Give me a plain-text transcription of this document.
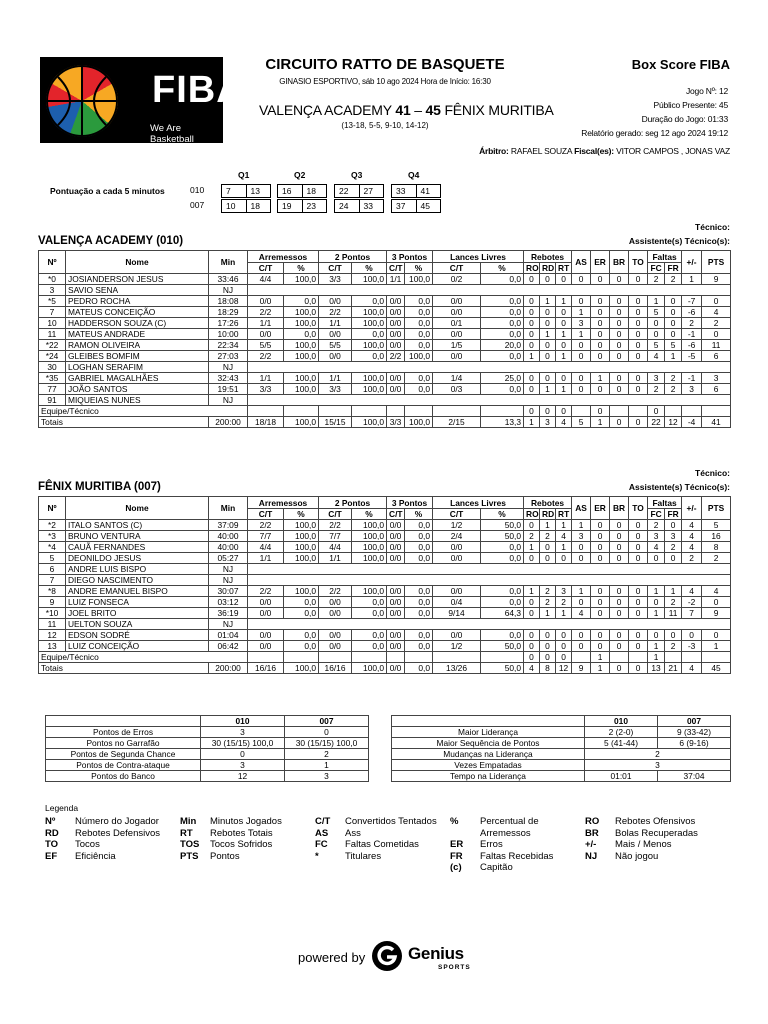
FIBA
We Are Basketball
CIRCUITO RATTO DE BASQUETE
GINASIO ESPORTIVO, sáb 10 ago 2024 Hora de Início: 16:30
VALENÇA ACADEMY 41 – 45 FÊNIX MURITIBA
(13-18, 5-5, 9-10, 14-12)
Box Score FIBA
Jogo Nº: 12
Público Presente: 45
Duração do Jogo: 01:33
Relatório gerado: seg 12 ago 2024 19:12
Árbitro: RAFAEL SOUZA Fiscal(es): VITOR CAMPOS , JONAS VAZ
Pontuação a cada 5 minutos
Q1	Q2	Q3	Q4
010	7	13	16	18	22	27	33	41
007	10	18	19	23	24	33	37	45
Técnico:
Assistente(s) Técnico(s):
VALENÇA ACADEMY (010)
Nº	Nome	Min	Arremessos		2 Pontos		3 Pontos		Lances Livres		Rebotes			AS	ER	BR	TO	Faltas		+/-	PTS
			C/T	%	C/T	%	C/T	%	C/T	%	RO	RD	RT					FC	FR		
*0	JOSIANDERSON JESUS	33:46	4/4	100,0	3/3	100,0	1/1	100,0	0/2	0,0	0	0	0	0	0	0	0	2	2	1	9
3	SAVIO SENA	NJ																			
*5	PEDRO ROCHA	18:08	0/0	0,0	0/0	0,0	0/0	0,0	0/0	0,0	0	1	1	0	0	0	0	1	0	-7	0
7	MATEUS CONCEIÇÃO	18:29	2/2	100,0	2/2	100,0	0/0	0,0	0/0	0,0	0	0	0	1	0	0	0	5	0	-6	4
10	HADDERSON SOUZA (C)	17:26	1/1	100,0	1/1	100,0	0/0	0,0	0/1	0,0	0	0	0	3	0	0	0	0	0	2	2
11	MATEUS ANDRADE	10:00	0/0	0,0	0/0	0,0	0/0	0,0	0/0	0,0	0	1	1	1	0	0	0	0	0	-1	0
*22	RAMON OLIVEIRA	22:34	5/5	100,0	5/5	100,0	0/0	0,0	1/5	20,0	0	0	0	0	0	0	0	5	5	-6	11
*24	GLEIBES BOMFIM	27:03	2/2	100,0	0/0	0,0	2/2	100,0	0/0	0,0	1	0	1	0	0	0	0	4	1	-5	6
30	LOGHAN SERAFIM	NJ																			
*35	GABRIEL MAGALHÃES	32:43	1/1	100,0	1/1	100,0	0/0	0,0	1/4	25,0	0	0	0	0	1	0	0	3	2	-1	3
77	JOÃO SANTOS	19:51	3/3	100,0	3/3	100,0	0/0	0,0	0/3	0,0	0	1	1	0	0	0	0	2	2	3	6
91	MIQUEIAS NUNES	NJ																			
Equipe/Técnico											0	0	0		0			0			
Totais		200:00	18/18	100,0	15/15	100,0	3/3	100,0	2/15	13,3	1	3	4	5	1	0	0	22	12	-4	41
Técnico:
Assistente(s) Técnico(s):
FÊNIX MURITIBA (007)
Nº	Nome	Min	Arremessos		2 Pontos		3 Pontos		Lances Livres		Rebotes			AS	ER	BR	TO	Faltas		+/-	PTS
			C/T	%	C/T	%	C/T	%	C/T	%	RO	RD	RT					FC	FR		
*2	ITALO SANTOS (C)	37:09	2/2	100,0	2/2	100,0	0/0	0,0	1/2	50,0	0	1	1	1	0	0	0	2	0	4	5
*3	BRUNO VENTURA	40:00	7/7	100,0	7/7	100,0	0/0	0,0	2/4	50,0	2	2	4	3	0	0	0	3	3	4	16
*4	CAUÃ FERNANDES	40:00	4/4	100,0	4/4	100,0	0/0	0,0	0/0	0,0	1	0	1	0	0	0	0	4	2	4	8
5	DEONILDO JESUS	05:27	1/1	100,0	1/1	100,0	0/0	0,0	0/0	0,0	0	0	0	0	0	0	0	0	0	2	2
6	ANDRE LUIS BISPO	NJ																			
7	DIEGO NASCIMENTO	NJ																			
*8	ANDRE EMANUEL BISPO	30:07	2/2	100,0	2/2	100,0	0/0	0,0	0/0	0,0	1	2	3	1	0	0	0	1	1	4	4
9	LUIZ FONSECA	03:12	0/0	0,0	0/0	0,0	0/0	0,0	0/4	0,0	0	2	2	0	0	0	0	0	2	-2	0
*10	JOEL BRITO	36:19	0/0	0,0	0/0	0,0	0/0	0,0	9/14	64,3	0	1	1	4	0	0	0	1	11	7	9
11	UELTON SOUZA	NJ																			
12	EDSON SODRÉ	01:04	0/0	0,0	0/0	0,0	0/0	0,0	0/0	0,0	0	0	0	0	0	0	0	0	0	0	0
13	LUIZ CONCEIÇÃO	06:42	0/0	0,0	0/0	0,0	0/0	0,0	1/2	50,0	0	0	0	0	0	0	0	1	2	-3	1
Equipe/Técnico											0	0	0		1			1			
Totais		200:00	16/16	100,0	16/16	100,0	0/0	0,0	13/26	50,0	4	8	12	9	1	0	0	13	21	4	45
	010	007
Pontos de Erros	3	0
Pontos no Garrafão	30 (15/15) 100,0	30 (15/15) 100,0
Pontos de Segunda Chance	0	2
Pontos de Contra-ataque	3	1
Pontos do Banco	12	3
	010	007
Maior Liderança	2 (2-0)	9 (33-42)
Maior Sequência de Pontos	5 (41-44)	6 (9-16)
Mudanças na Liderança	2	
Vezes Empatadas	3	
Tempo na Liderança	01:01	37:04
Legenda
Nº Número do Jogador
RD Rebotes Defensivos
TO Tocos
EF Eficiência
Min Minutos Jogados
RT Rebotes Totais
TOS Tocos Sofridos
PTS Pontos
C/T Convertidos Tentados
AS Ass
FC Faltas Cometidas
*	Titulares
% Percentual de
Arremessos
ER Erros
FR Faltas Recebidas
(c) Capitão
RO Rebotes Ofensivos
BR Bolas Recuperadas
+/- Mais / Menos
NJ Não jogou
powered by	Genius
SPORTS
